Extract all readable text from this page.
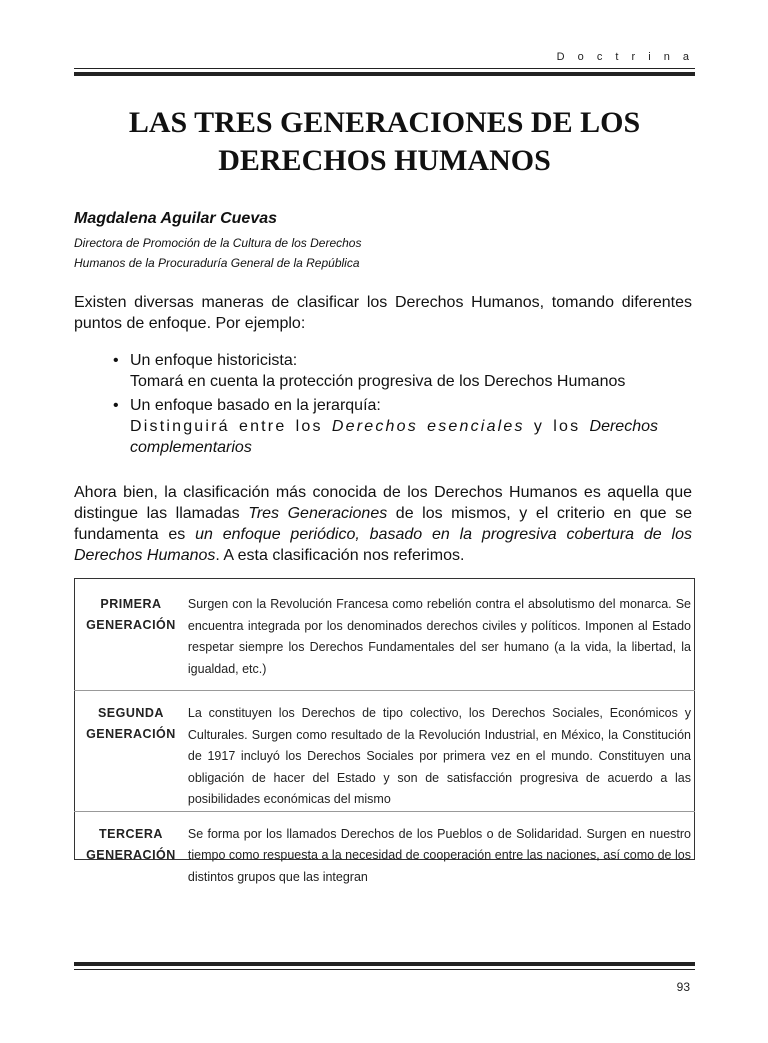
D o c t r i n a
LAS TRES GENERACIONES DE LOS
DERECHOS HUMANOS
Magdalena Aguilar Cuevas
Directora de Promoción de la Cultura de los Derechos
Humanos de la Procuraduría General de la República
Existen diversas maneras de clasificar los Derechos Humanos, tomando diferentes puntos de enfoque. Por ejemplo:
• Un enfoque historicista:
Tomará en cuenta la protección progresiva de los Derechos Humanos
• Un enfoque basado en la jerarquía:
Distinguirá entre los Derechos esenciales y los Derechos complementarios
Ahora bien, la clasificación más conocida de los Derechos Humanos es aquella que distingue las llamadas Tres Generaciones de los mismos, y el criterio en que se fundamenta es un enfoque periódico, basado en la progresiva cobertura de los Derechos Humanos. A esta clasificación nos referimos.
PRIMERA
GENERACIÓN	Surgen con la Revolución Francesa como rebelión contra el absolutismo del monarca. Se encuentra integrada por los denominados derechos civiles y políticos. Imponen al Estado respetar siempre los Derechos Fundamentales del ser humano (a la vida, la libertad, la igualdad, etc.)

SEGUNDA
GENERACIÓN	La constituyen los Derechos de tipo colectivo, los Derechos Sociales, Económicos y Culturales. Surgen como resultado de la Revolución Industrial, en México, la Constitución de 1917 incluyó los Derechos Sociales por primera vez en el mundo. Constituyen una obligación de hacer del Estado y son de satisfacción progresiva de acuerdo a las posibilidades económicas del mismo

TERCERA
GENERACIÓN	Se forma por los llamados Derechos de los Pueblos o de Solidaridad. Surgen en nuestro tiempo como respuesta a la necesidad de cooperación entre las naciones, así como de los distintos grupos que las integran
93
